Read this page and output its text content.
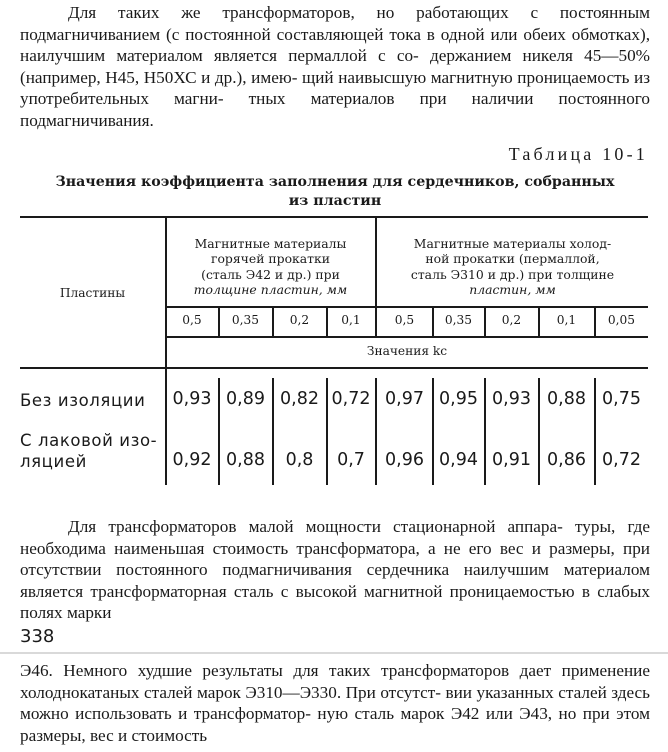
Для таких же трансформаторов, но работающих с постоянным подмагничиванием (с постоянной составляющей тока в одной или обеих обмотках), наилучшим материалом является пермаллой с со- держанием никеля 45—50% (например, Н45, Н50ХС и др.), имею- щий наивысшую магнитную проницаемость из употребительных магни- тных материалов при наличии постоянного подмагничивания.

Таблица 10-1

Значения коэффициента заполнения для сердечников, собранных
из пластин
Пластины
Магнитные материалы
горячей прокатки
(сталь Э42 и др.) при
толщине пластин, мм
Магнитные материалы холод-
ной прокатки (пермаллой,
сталь Э310 и др.) при толщине
пластин, мм
0,5	0,35	0,2	0,1	0,5	0,35	0,2	0,1	0,05
Значения kс
Без изоляции	0,93 0,89 0,82 0,72 0,97 0,95 0,93 0,88 0,75
С лаковой изо-
ляцией	0,92 0,88	0,8	0,7	0,96 0,94 0,91 0,86 0,72

Для трансформаторов малой мощности стационарной аппара- туры, где необходима наименьшая стоимость трансформатора, а не его вес и размеры, при отсутствии постоянного подмагничивания сердечника наилучшим материалом является трансформаторная сталь с высокой магнитной проницаемостью в слабых полях марки

338

Э46. Немного худшие результаты для таких трансформаторов дает применение холоднокатаных сталей марок Э310—Э330. При отсутст- вии указанных сталей здесь можно использовать и трансформатор- ную сталь марок Э42 или Э43, но при этом размеры, вес и стоимость
